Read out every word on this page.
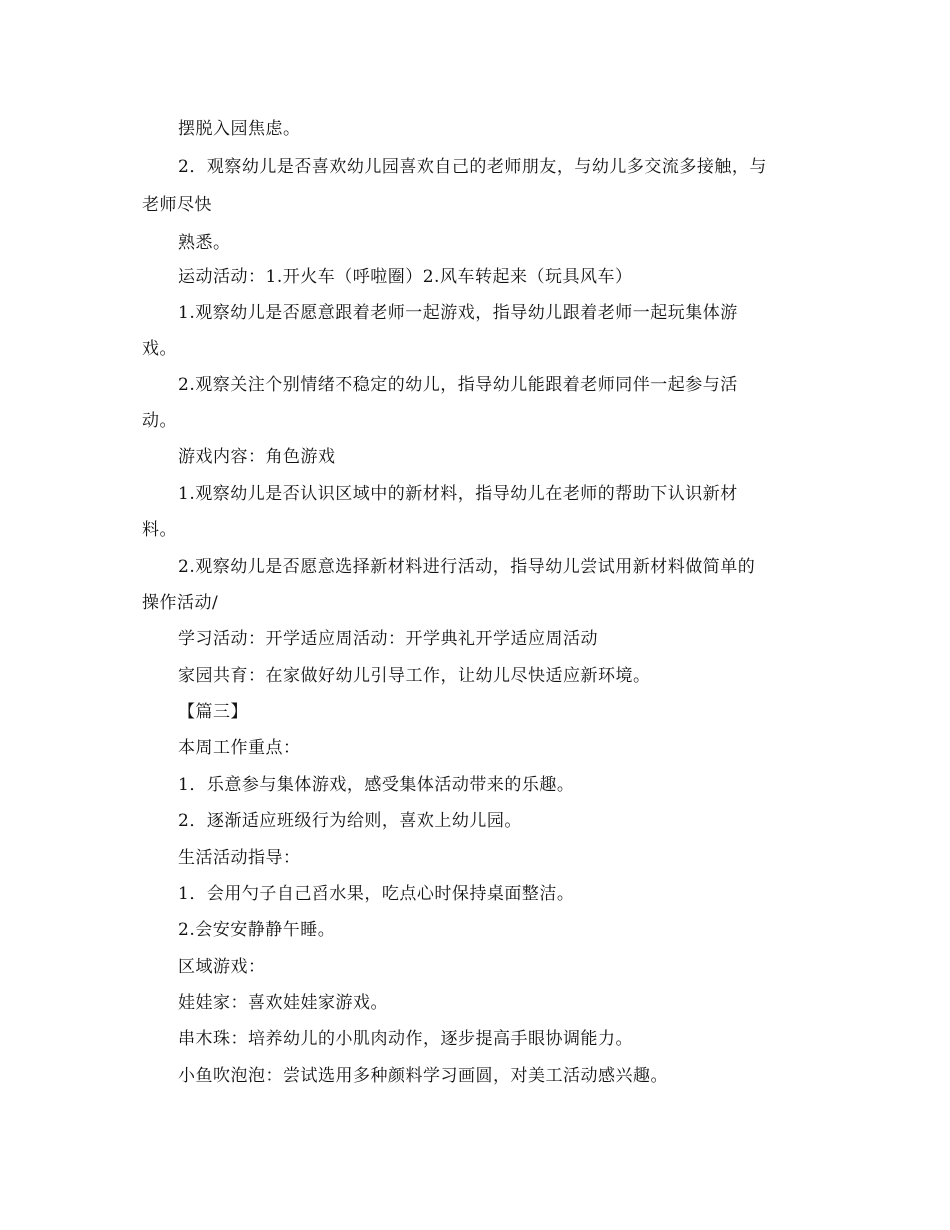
摆脱入园焦虑。
2．观察幼儿是否喜欢幼儿园喜欢自己的老师朋友，与幼儿多交流多接触，与
老师尽快
熟悉。
运动活动：1.开火车（呼啦圈）2.风车转起来（玩具风车）
1.观察幼儿是否愿意跟着老师一起游戏，指导幼儿跟着老师一起玩集体游
戏。
2.观察关注个别情绪不稳定的幼儿，指导幼儿能跟着老师同伴一起参与活
动。
游戏内容：角色游戏
1.观察幼儿是否认识区域中的新材料，指导幼儿在老师的帮助下认识新材
料。
2.观察幼儿是否愿意选择新材料进行活动，指导幼儿尝试用新材料做简单的
操作活动/
学习活动：开学适应周活动：开学典礼开学适应周活动
家园共育：在家做好幼儿引导工作，让幼儿尽快适应新环境。
【篇三】
本周工作重点：
1．乐意参与集体游戏，感受集体活动带来的乐趣。
2．逐渐适应班级行为给则，喜欢上幼儿园。
生活活动指导：
1．会用勺子自己舀水果，吃点心时保持桌面整洁。
2.会安安静静午睡。
区域游戏：
娃娃家：喜欢娃娃家游戏。
串木珠：培养幼儿的小肌肉动作，逐步提高手眼协调能力。
小鱼吹泡泡：尝试选用多种颜料学习画圆，对美工活动感兴趣。
